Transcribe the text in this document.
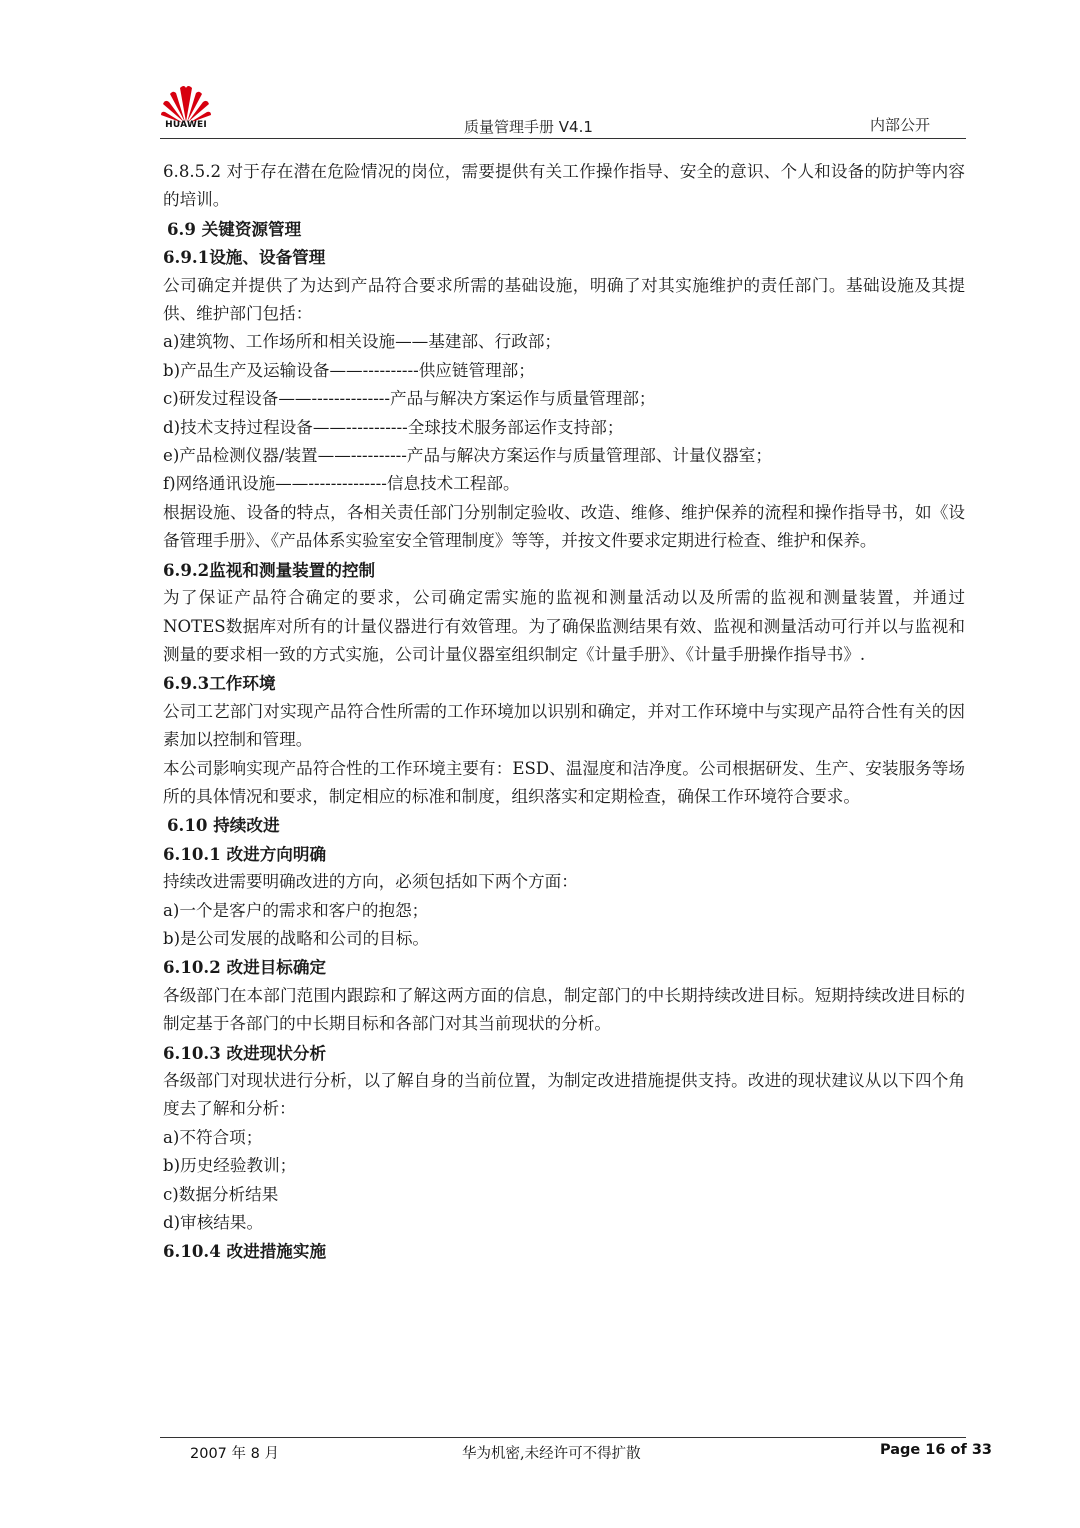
HUAWEI	质量管理手册 V4.1	内部公开

6.8.5.2 对于存在潜在危险情况的岗位，需要提供有关工作操作指导、安全的意识、个人和设备的防护等内容的培训。

6.9 关键资源管理

6.9.1设施、设备管理

公司确定并提供了为达到产品符合要求所需的基础设施，明确了对其实施维护的责任部门。基础设施及其提供、维护部门包括：

a)建筑物、工作场所和相关设施——基建部、行政部；

b)产品生产及运输设备——----------供应链管理部；

c)研发过程设备——--------------产品与解决方案运作与质量管理部；

d)技术支持过程设备——-----------全球技术服务部运作支持部；

e)产品检测仪器/装置——----------产品与解决方案运作与质量管理部、计量仪器室；

f)网络通讯设施——--------------信息技术工程部。

根据设施、设备的特点，各相关责任部门分别制定验收、改造、维修、维护保养的流程和操作指导书，如《设备管理手册》、《产品体系实验室安全管理制度》等等，并按文件要求定期进行检查、维护和保养。

6.9.2监视和测量装置的控制

为了保证产品符合确定的要求，公司确定需实施的监视和测量活动以及所需的监视和测量装置，并通过NOTES数据库对所有的计量仪器进行有效管理。为了确保监测结果有效、监视和测量活动可行并以与监视和测量的要求相一致的方式实施，公司计量仪器室组织制定《计量手册》、《计量手册操作指导书》.

6.9.3工作环境

公司工艺部门对实现产品符合性所需的工作环境加以识别和确定，并对工作环境中与实现产品符合性有关的因素加以控制和管理。

本公司影响实现产品符合性的工作环境主要有：ESD、温湿度和洁净度。公司根据研发、生产、安装服务等场所的具体情况和要求，制定相应的标准和制度，组织落实和定期检查，确保工作环境符合要求。

6.10 持续改进

6.10.1 改进方向明确

持续改进需要明确改进的方向，必须包括如下两个方面：

a)一个是客户的需求和客户的抱怨；

b)是公司发展的战略和公司的目标。

6.10.2 改进目标确定

各级部门在本部门范围内跟踪和了解这两方面的信息，制定部门的中长期持续改进目标。短期持续改进目标的制定基于各部门的中长期目标和各部门对其当前现状的分析。

6.10.3 改进现状分析

各级部门对现状进行分析，以了解自身的当前位置，为制定改进措施提供支持。改进的现状建议从以下四个角度去了解和分析：

a)不符合项；

b)历史经验教训；

c)数据分析结果

d)审核结果。

6.10.4 改进措施实施

2007 年 8 月	华为机密,未经许可不得扩散	Page 16 of 33
